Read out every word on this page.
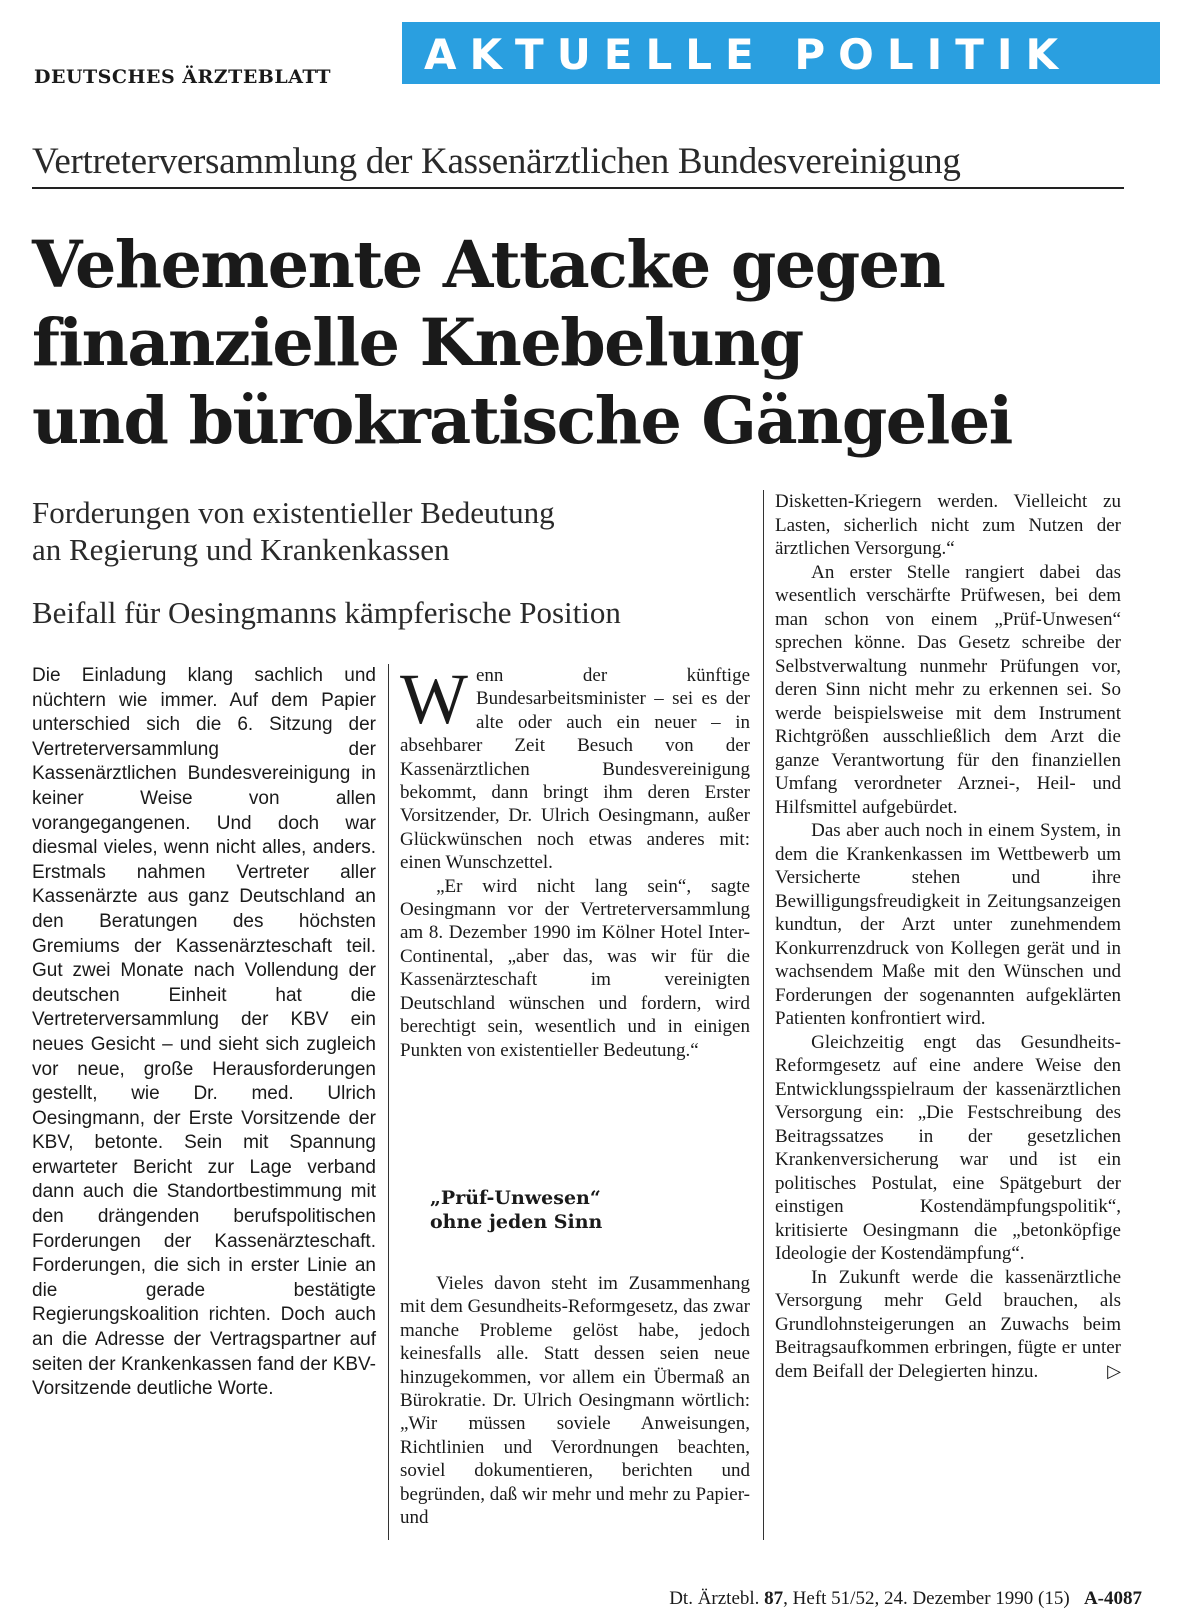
DEUTSCHES ÄRZTEBLATT AKTUELLE POLITIK
Vertreterversammlung der Kassenärztlichen Bundesvereinigung
Vehemente Attacke gegen
finanzielle Knebelung
und bürokratische Gängelei
Forderungen von existentieller Bedeutung
an Regierung und Krankenkassen
Beifall für Oesingmanns kämpferische Position

Die Einladung klang sachlich und nüchtern wie immer. Auf dem Papier unterschied sich die 6. Sitzung der Vertreterversammlung der Kassenärztlichen Bundesvereinigung in keiner Weise von allen vorangegangenen. Und doch war diesmal vieles, wenn nicht alles, anders. Erstmals nahmen Vertreter aller Kassenärzte aus ganz Deutschland an den Beratungen des höchsten Gremiums der Kassenärzteschaft teil. Gut zwei Monate nach Vollendung der deutschen Einheit hat die Vertreterversammlung der KBV ein neues Gesicht – und sieht sich zugleich vor neue, große Herausforderungen gestellt, wie Dr. med. Ulrich Oesingmann, der Erste Vorsitzende der KBV, betonte. Sein mit Spannung erwarteter Bericht zur Lage verband dann auch die Standortbestimmung mit den drängenden berufspolitischen Forderungen der Kassenärzteschaft. Forderungen, die sich in erster Linie an die gerade bestätigte Regierungskoalition richten. Doch auch an die Adresse der Vertragspartner auf seiten der Krankenkassen fand der KBV-Vorsitzende deutliche Worte.

Wenn der künftige Bundesarbeitsminister – sei es der alte oder auch ein neuer – in absehbarer Zeit Besuch von der Kassenärztlichen Bundesvereinigung bekommt, dann bringt ihm deren Erster Vorsitzender, Dr. Ulrich Oesingmann, außer Glückwünschen noch etwas anderes mit: einen Wunschzettel.

„Er wird nicht lang sein“, sagte Oesingmann vor der Vertreterversammlung am 8. Dezember 1990 im Kölner Hotel Inter-Continental, „aber das, was wir für die Kassenärzteschaft im vereinigten Deutschland wünschen und fordern, wird berechtigt sein, wesentlich und in einigen Punkten von existentieller Bedeutung.“

„Prüf-Unwesen“
ohne jeden Sinn

Vieles davon steht im Zusammenhang mit dem Gesundheits-Reformgesetz, das zwar manche Probleme gelöst habe, jedoch keinesfalls alle. Statt dessen seien neue hinzugekommen, vor allem ein Übermaß an Bürokratie. Dr. Ulrich Oesingmann wörtlich: „Wir müssen soviele Anweisungen, Richtlinien und Verordnungen beachten, soviel dokumentieren, berichten und begründen, daß wir mehr und mehr zu Papier- und

Disketten-Kriegern werden. Vielleicht zu Lasten, sicherlich nicht zum Nutzen der ärztlichen Versorgung.“

An erster Stelle rangiert dabei das wesentlich verschärfte Prüfwesen, bei dem man schon von einem „Prüf-Unwesen“ sprechen könne. Das Gesetz schreibe der Selbstverwaltung nunmehr Prüfungen vor, deren Sinn nicht mehr zu erkennen sei. So werde beispielsweise mit dem Instrument Richtgrößen ausschließlich dem Arzt die ganze Verantwortung für den finanziellen Umfang verordneter Arznei-, Heil- und Hilfsmittel aufgebürdet.

Das aber auch noch in einem System, in dem die Krankenkassen im Wettbewerb um Versicherte stehen und ihre Bewilligungsfreudigkeit in Zeitungsanzeigen kundtun, der Arzt unter zunehmendem Konkurrenzdruck von Kollegen gerät und in wachsendem Maße mit den Wünschen und Forderungen der sogenannten aufgeklärten Patienten konfrontiert wird.

Gleichzeitig engt das Gesundheits-Reformgesetz auf eine andere Weise den Entwicklungsspielraum der kassenärztlichen Versorgung ein: „Die Festschreibung des Beitragssatzes in der gesetzlichen Krankenversicherung war und ist ein politisches Postulat, eine Spätgeburt der einstigen Kostendämpfungspolitik“, kritisierte Oesingmann die „betonköpfige Ideologie der Kostendämpfung“.

In Zukunft werde die kassenärztliche Versorgung mehr Geld brauchen, als Grundlohnsteigerungen an Zuwachs beim Beitragsaufkommen erbringen, fügte er unter dem Beifall der Delegierten hinzu.	▷

Dt. Ärztebl. 87, Heft 51/52, 24. Dezember 1990 (15) A-4087
